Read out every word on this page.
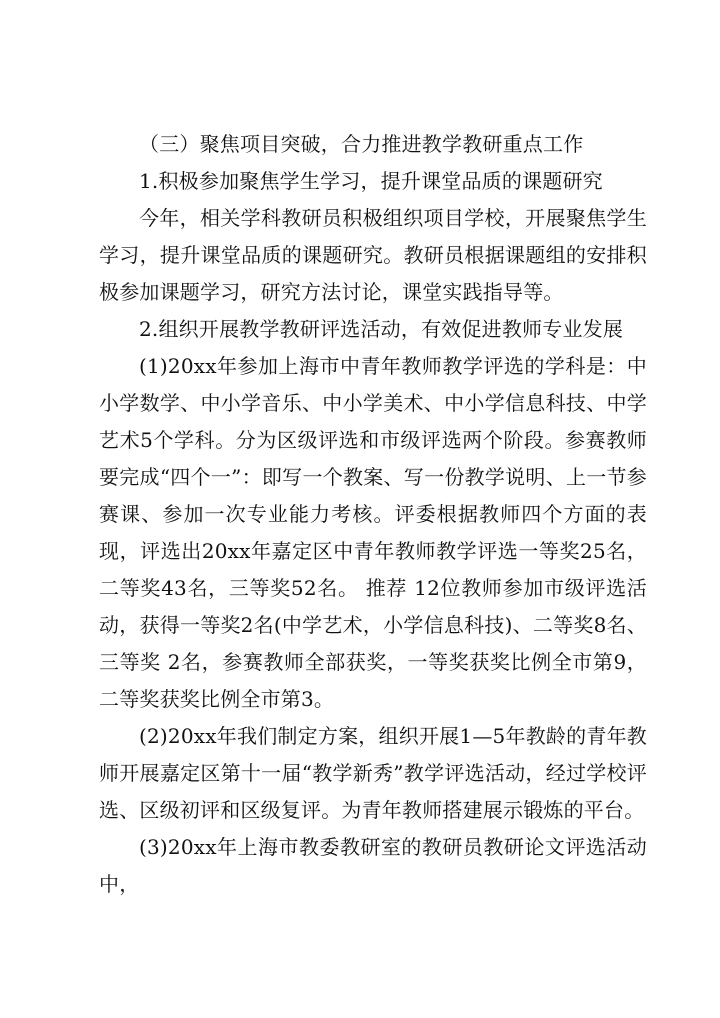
（三）聚焦项目突破，合力推进教学教研重点工作

1.积极参加聚焦学生学习，提升课堂品质的课题研究

今年，相关学科教研员积极组织项目学校，开展聚焦学生学习，提升课堂品质的课题研究。教研员根据课题组的安排积极参加课题学习，研究方法讨论，课堂实践指导等。

2.组织开展教学教研评选活动，有效促进教师专业发展

(1)20xx年参加上海市中青年教师教学评选的学科是：中小学数学、中小学音乐、中小学美术、中小学信息科技、中学艺术5个学科。分为区级评选和市级评选两个阶段。参赛教师要完成“四个一”：即写一个教案、写一份教学说明、上一节参赛课、参加一次专业能力考核。评委根据教师四个方面的表现，评选出20xx年嘉定区中青年教师教学评选一等奖25名，二等奖43名，三等奖52名。 推荐 12位教师参加市级评选活动，获得一等奖2名(中学艺术，小学信息科技)、二等奖8名、三等奖 2名，参赛教师全部获奖，一等奖获奖比例全市第9，二等奖获奖比例全市第3。

(2)20xx年我们制定方案，组织开展1—5年教龄的青年教师开展嘉定区第十一届“教学新秀”教学评选活动，经过学校评选、区级初评和区级复评。为青年教师搭建展示锻炼的平台。

(3)20xx年上海市教委教研室的教研员教研论文评选活动中，
